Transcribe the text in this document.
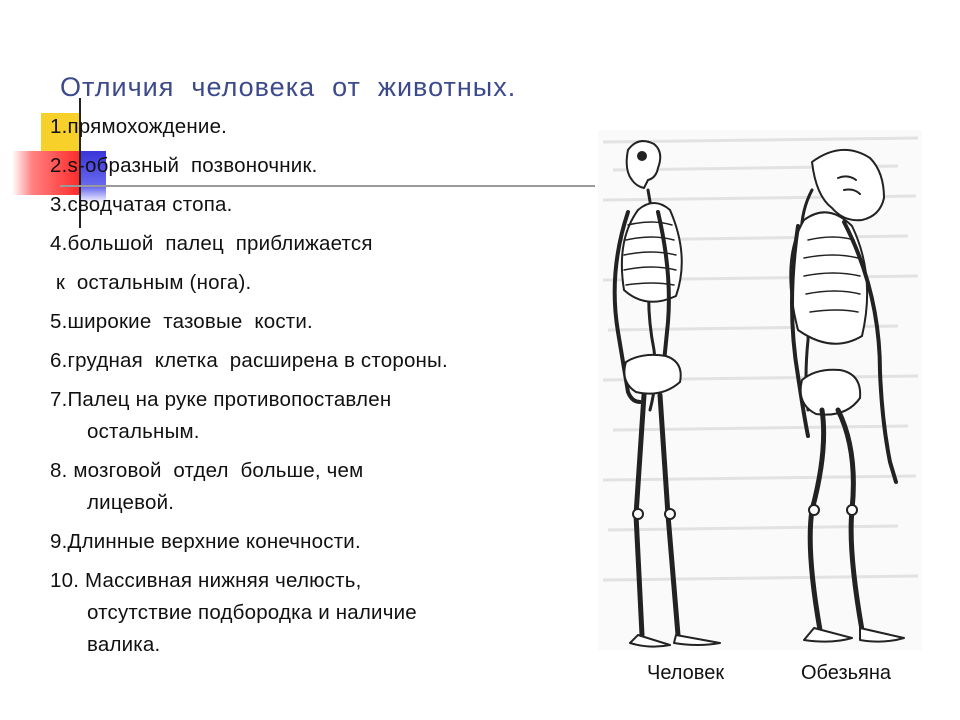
Отличия  человека  от  животных.
1.прямохождение.
2.s-образный  позвоночник.
3.сводчатая стопа.
4.большой  палец  приближается
к  остальным (нога).
5.широкие  тазовые  кости.
6.грудная  клетка  расширена в стороны.
7.Палец на руке противопоставлен
остальным.
8. мозговой  отдел  больше, чем
лицевой.
9.Длинные верхние конечности.
10. Массивная нижняя челюсть,
отсутствие подбородка и наличие
валика.
Человек	Обезьяна
